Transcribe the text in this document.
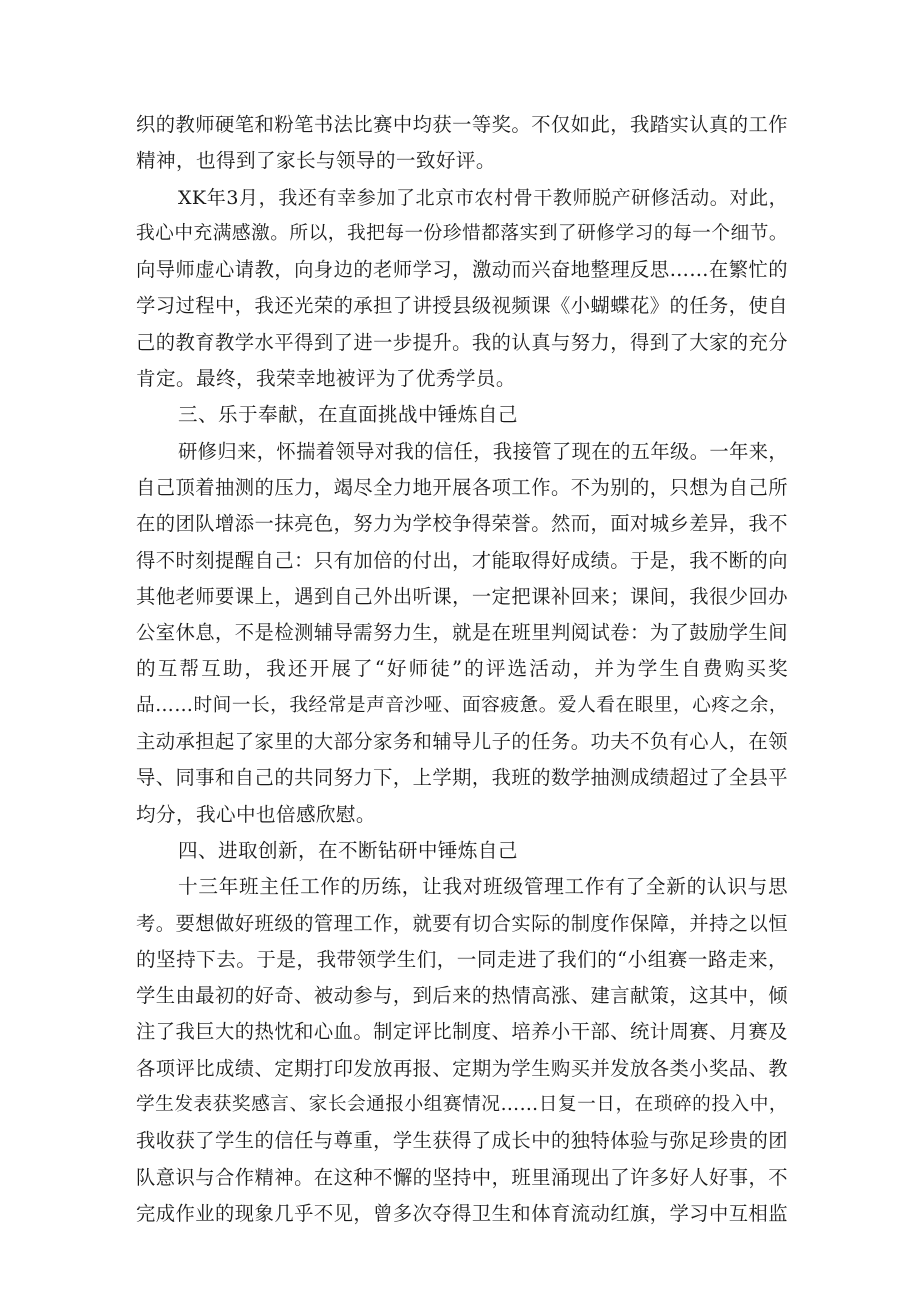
织的教师硬笔和粉笔书法比赛中均获一等奖。不仅如此，我踏实认真的工作
精神，也得到了家长与领导的一致好评。
XK年3月，我还有幸参加了北京市农村骨干教师脱产研修活动。对此，
我心中充满感激。所以，我把每一份珍惜都落实到了研修学习的每一个细节。
向导师虚心请教，向身边的老师学习，激动而兴奋地整理反思……在繁忙的
学习过程中，我还光荣的承担了讲授县级视频课《小蝴蝶花》的任务，使自
己的教育教学水平得到了进一步提升。我的认真与努力，得到了大家的充分
肯定。最终，我荣幸地被评为了优秀学员。
三、乐于奉献，在直面挑战中锤炼自己
研修归来，怀揣着领导对我的信任，我接管了现在的五年级。一年来，
自己顶着抽测的压力，竭尽全力地开展各项工作。不为别的，只想为自己所
在的团队增添一抹亮色，努力为学校争得荣誉。然而，面对城乡差异，我不
得不时刻提醒自己：只有加倍的付出，才能取得好成绩。于是，我不断的向
其他老师要课上，遇到自己外出听课，一定把课补回来；课间，我很少回办
公室休息，不是检测辅导需努力生，就是在班里判阅试卷：为了鼓励学生间
的互帮互助，我还开展了“好师徒”的评选活动，并为学生自费购买奖
品……时间一长，我经常是声音沙哑、面容疲惫。爱人看在眼里，心疼之余，
主动承担起了家里的大部分家务和辅导儿子的任务。功夫不负有心人，在领
导、同事和自己的共同努力下，上学期，我班的数学抽测成绩超过了全县平
均分，我心中也倍感欣慰。
四、进取创新，在不断钻研中锤炼自己
十三年班主任工作的历练，让我对班级管理工作有了全新的认识与思
考。要想做好班级的管理工作，就要有切合实际的制度作保障，并持之以恒
的坚持下去。于是，我带领学生们，一同走进了我们的“小组赛一路走来，
学生由最初的好奇、被动参与，到后来的热情高涨、建言献策，这其中，倾
注了我巨大的热忱和心血。制定评比制度、培养小干部、统计周赛、月赛及
各项评比成绩、定期打印发放再报、定期为学生购买并发放各类小奖品、教
学生发表获奖感言、家长会通报小组赛情况……日复一日，在琐碎的投入中，
我收获了学生的信任与尊重，学生获得了成长中的独特体验与弥足珍贵的团
队意识与合作精神。在这种不懈的坚持中，班里涌现出了许多好人好事，不
完成作业的现象几乎不见，曾多次夺得卫生和体育流动红旗，学习中互相监
